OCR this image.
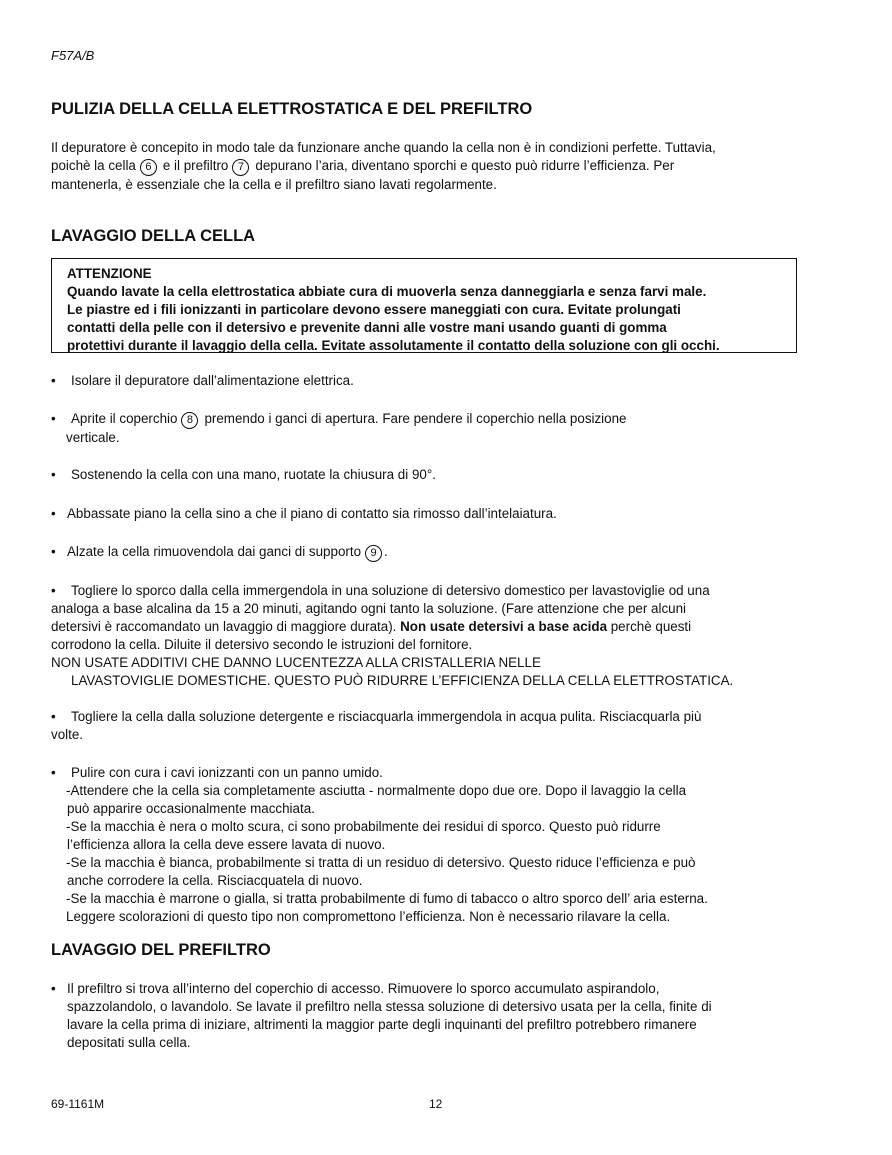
F57A/B
PULIZIA DELLA CELLA ELETTROSTATICA E DEL PREFILTRO
Il depuratore è concepito in modo tale da funzionare anche quando la cella non è in condizioni perfette. Tuttavia,
poichè la cella 6 e il prefiltro 7 depurano l’aria, diventano sporchi e questo può ridurre l’efficienza. Per
mantenerla, è essenziale che la cella e il prefiltro siano lavati regolarmente.
LAVAGGIO DELLA CELLA
ATTENZIONE
Quando lavate la cella elettrostatica abbiate cura di muoverla senza danneggiarla e senza farvi male.
Le piastre ed i fili ionizzanti in particolare devono essere maneggiati con cura. Evitate prolungati
contatti della pelle con il detersivo e prevenite danni alle vostre mani usando guanti di gomma
protettivi durante il lavaggio della cella. Evitate assolutamente il contatto della soluzione con gli occhi.
• Isolare il depuratore dall’alimentazione elettrica.
• Aprite il coperchio 8 premendo i ganci di apertura. Fare pendere il coperchio nella posizione
verticale.
• Sostenendo la cella con una mano, ruotate la chiusura di 90°.
• Abbassate piano la cella sino a che il piano di contatto sia rimosso dall’intelaiatura.
• Alzate la cella rimuovendola dai ganci di supporto 9 .
• Togliere lo sporco dalla cella immergendola in una soluzione di detersivo domestico per lavastoviglie od una
analoga a base alcalina da 15 a 20 minuti, agitando ogni tanto la soluzione. (Fare attenzione che per alcuni
detersivi è raccomandato un lavaggio di maggiore durata). Non usate detersivi a base acida perchè questi
corrodono la cella. Diluite il detersivo secondo le istruzioni del fornitore.
NON USATE ADDITIVI CHE DANNO LUCENTEZZA ALLA CRISTALLERIA NELLE
LAVASTOVIGLIE DOMESTICHE. QUESTO PUÒ RIDURRE L’EFFICIENZA DELLA CELLA ELETTROSTATICA.
• Togliere la cella dalla soluzione detergente e risciacquarla immergendola in acqua pulita. Risciacquarla più
volte.
• Pulire con cura i cavi ionizzanti con un panno umido.
-Attendere che la cella sia completamente asciutta - normalmente dopo due ore. Dopo il lavaggio la cella
può apparire occasionalmente macchiata.
-Se la macchia è nera o molto scura, ci sono probabilmente dei residui di sporco. Questo può ridurre
l’efficienza allora la cella deve essere lavata di nuovo.
-Se la macchia è bianca, probabilmente si tratta di un residuo di detersivo. Questo riduce l’efficienza e può
anche corrodere la cella. Risciacquatela di nuovo.
-Se la macchia è marrone o gialla, si tratta probabilmente di fumo di tabacco o altro sporco dell’ aria esterna.
Leggere scolorazioni di questo tipo non compromettono l’efficienza. Non è necessario rilavare la cella.
LAVAGGIO DEL PREFILTRO
• Il prefiltro si trova all’interno del coperchio di accesso. Rimuovere lo sporco accumulato aspirandolo,
spazzolandolo, o lavandolo. Se lavate il prefiltro nella stessa soluzione di detersivo usata per la cella, finite di
lavare la cella prima di iniziare, altrimenti la maggior parte degli inquinanti del prefiltro potrebbero rimanere
depositati sulla cella.
69-1161M	12
